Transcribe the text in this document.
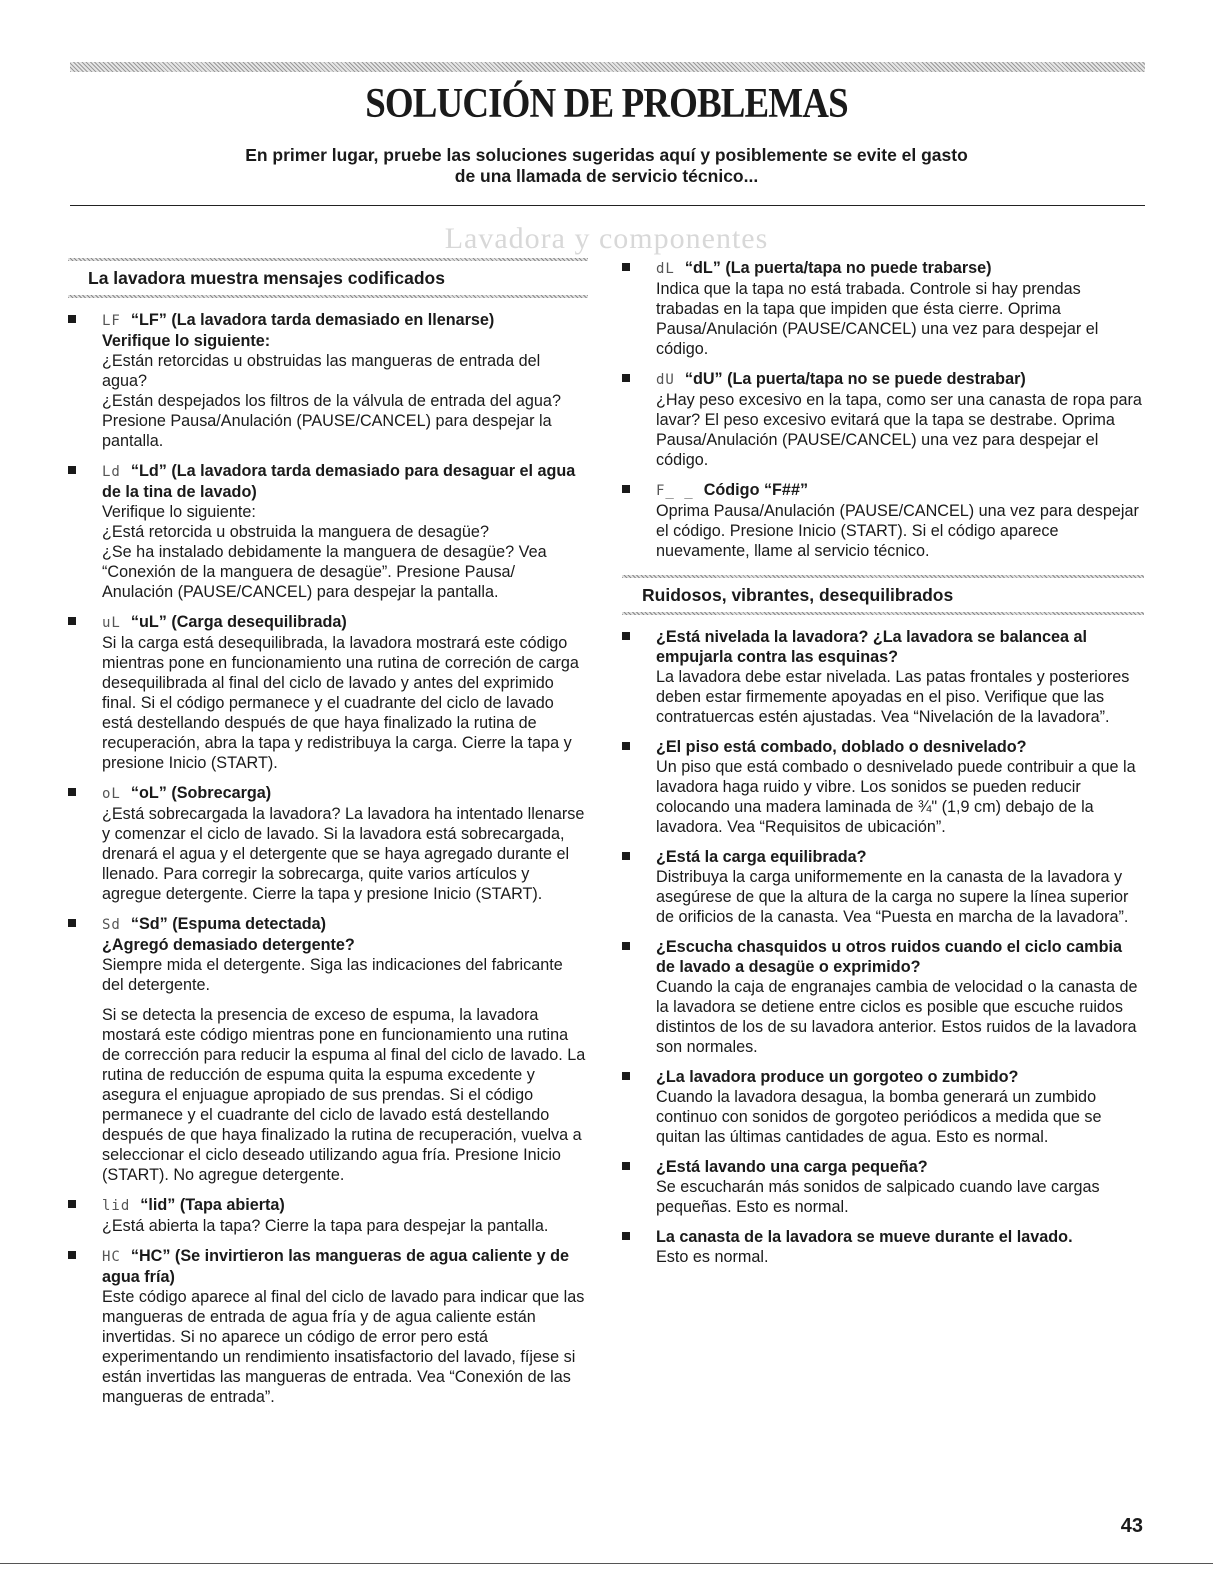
SOLUCIÓN DE PROBLEMAS
En primer lugar, pruebe las soluciones sugeridas aquí y posiblemente se evite el gasto
de una llamada de servicio técnico...
Lavadora y componentes
La lavadora muestra mensajes codificados
LF “LF” (La lavadora tarda demasiado en llenarse)
Verifique lo siguiente:
¿Están retorcidas u obstruidas las mangueras de entrada del agua?
¿Están despejados los filtros de la válvula de entrada del agua?
Presione Pausa/Anulación (PAUSE/CANCEL) para despejar la pantalla.
Ld “Ld” (La lavadora tarda demasiado para desaguar el agua de la tina de lavado)
Verifique lo siguiente:
¿Está retorcida u obstruida la manguera de desagüe?
¿Se ha instalado debidamente la manguera de desagüe? Vea “Conexión de la manguera de desagüe”. Presione Pausa/ Anulación (PAUSE/CANCEL) para despejar la pantalla.
uL “uL” (Carga desequilibrada)
Si la carga está desequilibrada, la lavadora mostrará este código mientras pone en funcionamiento una rutina de correción de carga desequilibrada al final del ciclo de lavado y antes del exprimido final. Si el código permanece y el cuadrante del ciclo de lavado está destellando después de que haya finalizado la rutina de recuperación, abra la tapa y redistribuya la carga. Cierre la tapa y presione Inicio (START).
oL “oL” (Sobrecarga)
¿Está sobrecargada la lavadora? La lavadora ha intentado llenarse y comenzar el ciclo de lavado. Si la lavadora está sobrecargada, drenará el agua y el detergente que se haya agregado durante el llenado. Para corregir la sobrecarga, quite varios artículos y agregue detergente. Cierre la tapa y presione Inicio (START).
Sd “Sd” (Espuma detectada)
¿Agregó demasiado detergente?
Siempre mida el detergente. Siga las indicaciones del fabricante del detergente.
Si se detecta la presencia de exceso de espuma, la lavadora mostará este código mientras pone en funcionamiento una rutina de corrección para reducir la espuma al final del ciclo de lavado. La rutina de reducción de espuma quita la espuma excedente y asegura el enjuague apropiado de sus prendas. Si el código permanece y el cuadrante del ciclo de lavado está destellando después de que haya finalizado la rutina de recuperación, vuelva a seleccionar el ciclo deseado utilizando agua fría. Presione Inicio (START). No agregue detergente.
lid “lid” (Tapa abierta)
¿Está abierta la tapa? Cierre la tapa para despejar la pantalla.
HC “HC” (Se invirtieron las mangueras de agua caliente y de agua fría)
Este código aparece al final del ciclo de lavado para indicar que las mangueras de entrada de agua fría y de agua caliente están invertidas. Si no aparece un código de error pero está experimentando un rendimiento insatisfactorio del lavado, fíjese si están invertidas las mangueras de entrada. Vea “Conexión de las mangueras de entrada”.
dL “dL” (La puerta/tapa no puede trabarse)
Indica que la tapa no está trabada. Controle si hay prendas trabadas en la tapa que impiden que ésta cierre. Oprima Pausa/Anulación (PAUSE/CANCEL) una vez para despejar el código.
dU “dU” (La puerta/tapa no se puede destrabar)
¿Hay peso excesivo en la tapa, como ser una canasta de ropa para lavar? El peso excesivo evitará que la tapa se destrabe. Oprima Pausa/Anulación (PAUSE/CANCEL) una vez para despejar el código.
F_ _ Código “F##”
Oprima Pausa/Anulación (PAUSE/CANCEL) una vez para despejar el código. Presione Inicio (START). Si el código aparece nuevamente, llame al servicio técnico.
Ruidosos, vibrantes, desequilibrados
¿Está nivelada la lavadora? ¿La lavadora se balancea al empujarla contra las esquinas?
La lavadora debe estar nivelada. Las patas frontales y posteriores deben estar firmemente apoyadas en el piso. Verifique que las contratuercas estén ajustadas. Vea “Nivelación de la lavadora”.
¿El piso está combado, doblado o desnivelado?
Un piso que está combado o desnivelado puede contribuir a que la lavadora haga ruido y vibre. Los sonidos se pueden reducir colocando una madera laminada de ¾" (1,9 cm) debajo de la lavadora. Vea “Requisitos de ubicación”.
¿Está la carga equilibrada?
Distribuya la carga uniformemente en la canasta de la lavadora y asegúrese de que la altura de la carga no supere la línea superior de orificios de la canasta. Vea “Puesta en marcha de la lavadora”.
¿Escucha chasquidos u otros ruidos cuando el ciclo cambia de lavado a desagüe o exprimido?
Cuando la caja de engranajes cambia de velocidad o la canasta de la lavadora se detiene entre ciclos es posible que escuche ruidos distintos de los de su lavadora anterior. Estos ruidos de la lavadora son normales.
¿La lavadora produce un gorgoteo o zumbido?
Cuando la lavadora desagua, la bomba generará un zumbido continuo con sonidos de gorgoteo periódicos a medida que se quitan las últimas cantidades de agua. Esto es normal.
¿Está lavando una carga pequeña?
Se escucharán más sonidos de salpicado cuando lave cargas pequeñas. Esto es normal.
La canasta de la lavadora se mueve durante el lavado.
Esto es normal.
43
